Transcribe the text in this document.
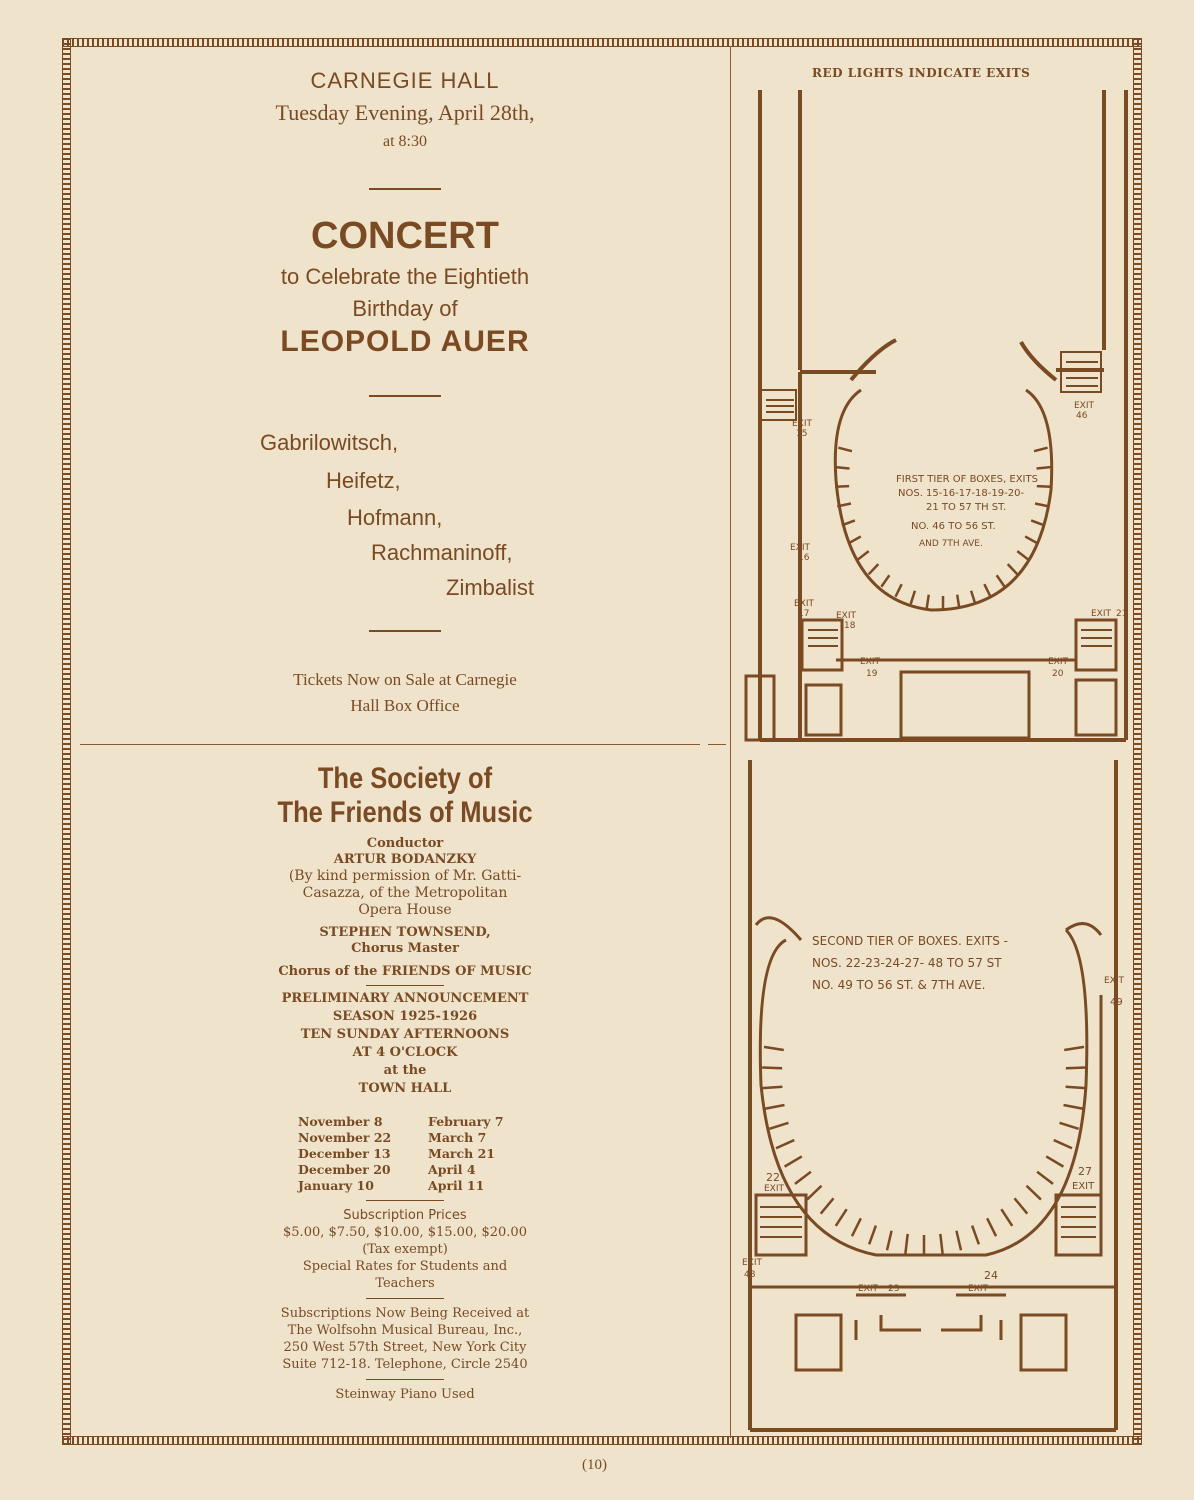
CARNEGIE HALL
Tuesday Evening, April 28th,
at 8:30
CONCERT
to Celebrate the Eightieth
Birthday of
LEOPOLD AUER
Gabrilowitsch,
Heifetz,
Hofmann,
Rachmaninoff,
Zimbalist
Tickets Now on Sale at Carnegie
Hall Box Office
The Society of
The Friends of Music
Conductor
ARTUR BODANZKY
(By kind permission of Mr. Gatti-
Casazza, of the Metropolitan
Opera House
STEPHEN TOWNSEND,
Chorus Master
Chorus of the FRIENDS OF MUSIC
PRELIMINARY ANNOUNCEMENT
SEASON 1925-1926
TEN SUNDAY AFTERNOONS
AT 4 O'CLOCK
at the
TOWN HALL
November 8	February 7
November 22	March 7
December 13	March 21
December 20	April 4
January 10	April 11
Subscription Prices
$5.00, $7.50, $10.00, $15.00, $20.00
(Tax exempt)
Special Rates for Students and
Teachers
Subscriptions Now Being Received at
The Wolfsohn Musical Bureau, Inc.,
250 West 57th Street, New York City
Suite 712-18. Telephone, Circle 2540
Steinway Piano Used
RED LIGHTS INDICATE EXITS
FIRST TIER OF BOXES, EXITS
NOS. 15-16-17-18-19-20-
21 TO 57 TH ST.
NO. 46 TO 56 ST.
AND 7TH AVE.
EXIT
15
EXIT
16
EXIT
17	EXIT
18
EXIT
19
EXIT
20
EXIT 21
EXIT
46
SECOND TIER OF BOXES. EXITS -
NOS. 22-23-24-27- 48 TO 57 ST
NO. 49 TO 56 ST. & 7TH AVE.
EXIT
22
EXIT 23	EXIT
24
EXIT
27
EXIT
48
EXIT
49
(10)
